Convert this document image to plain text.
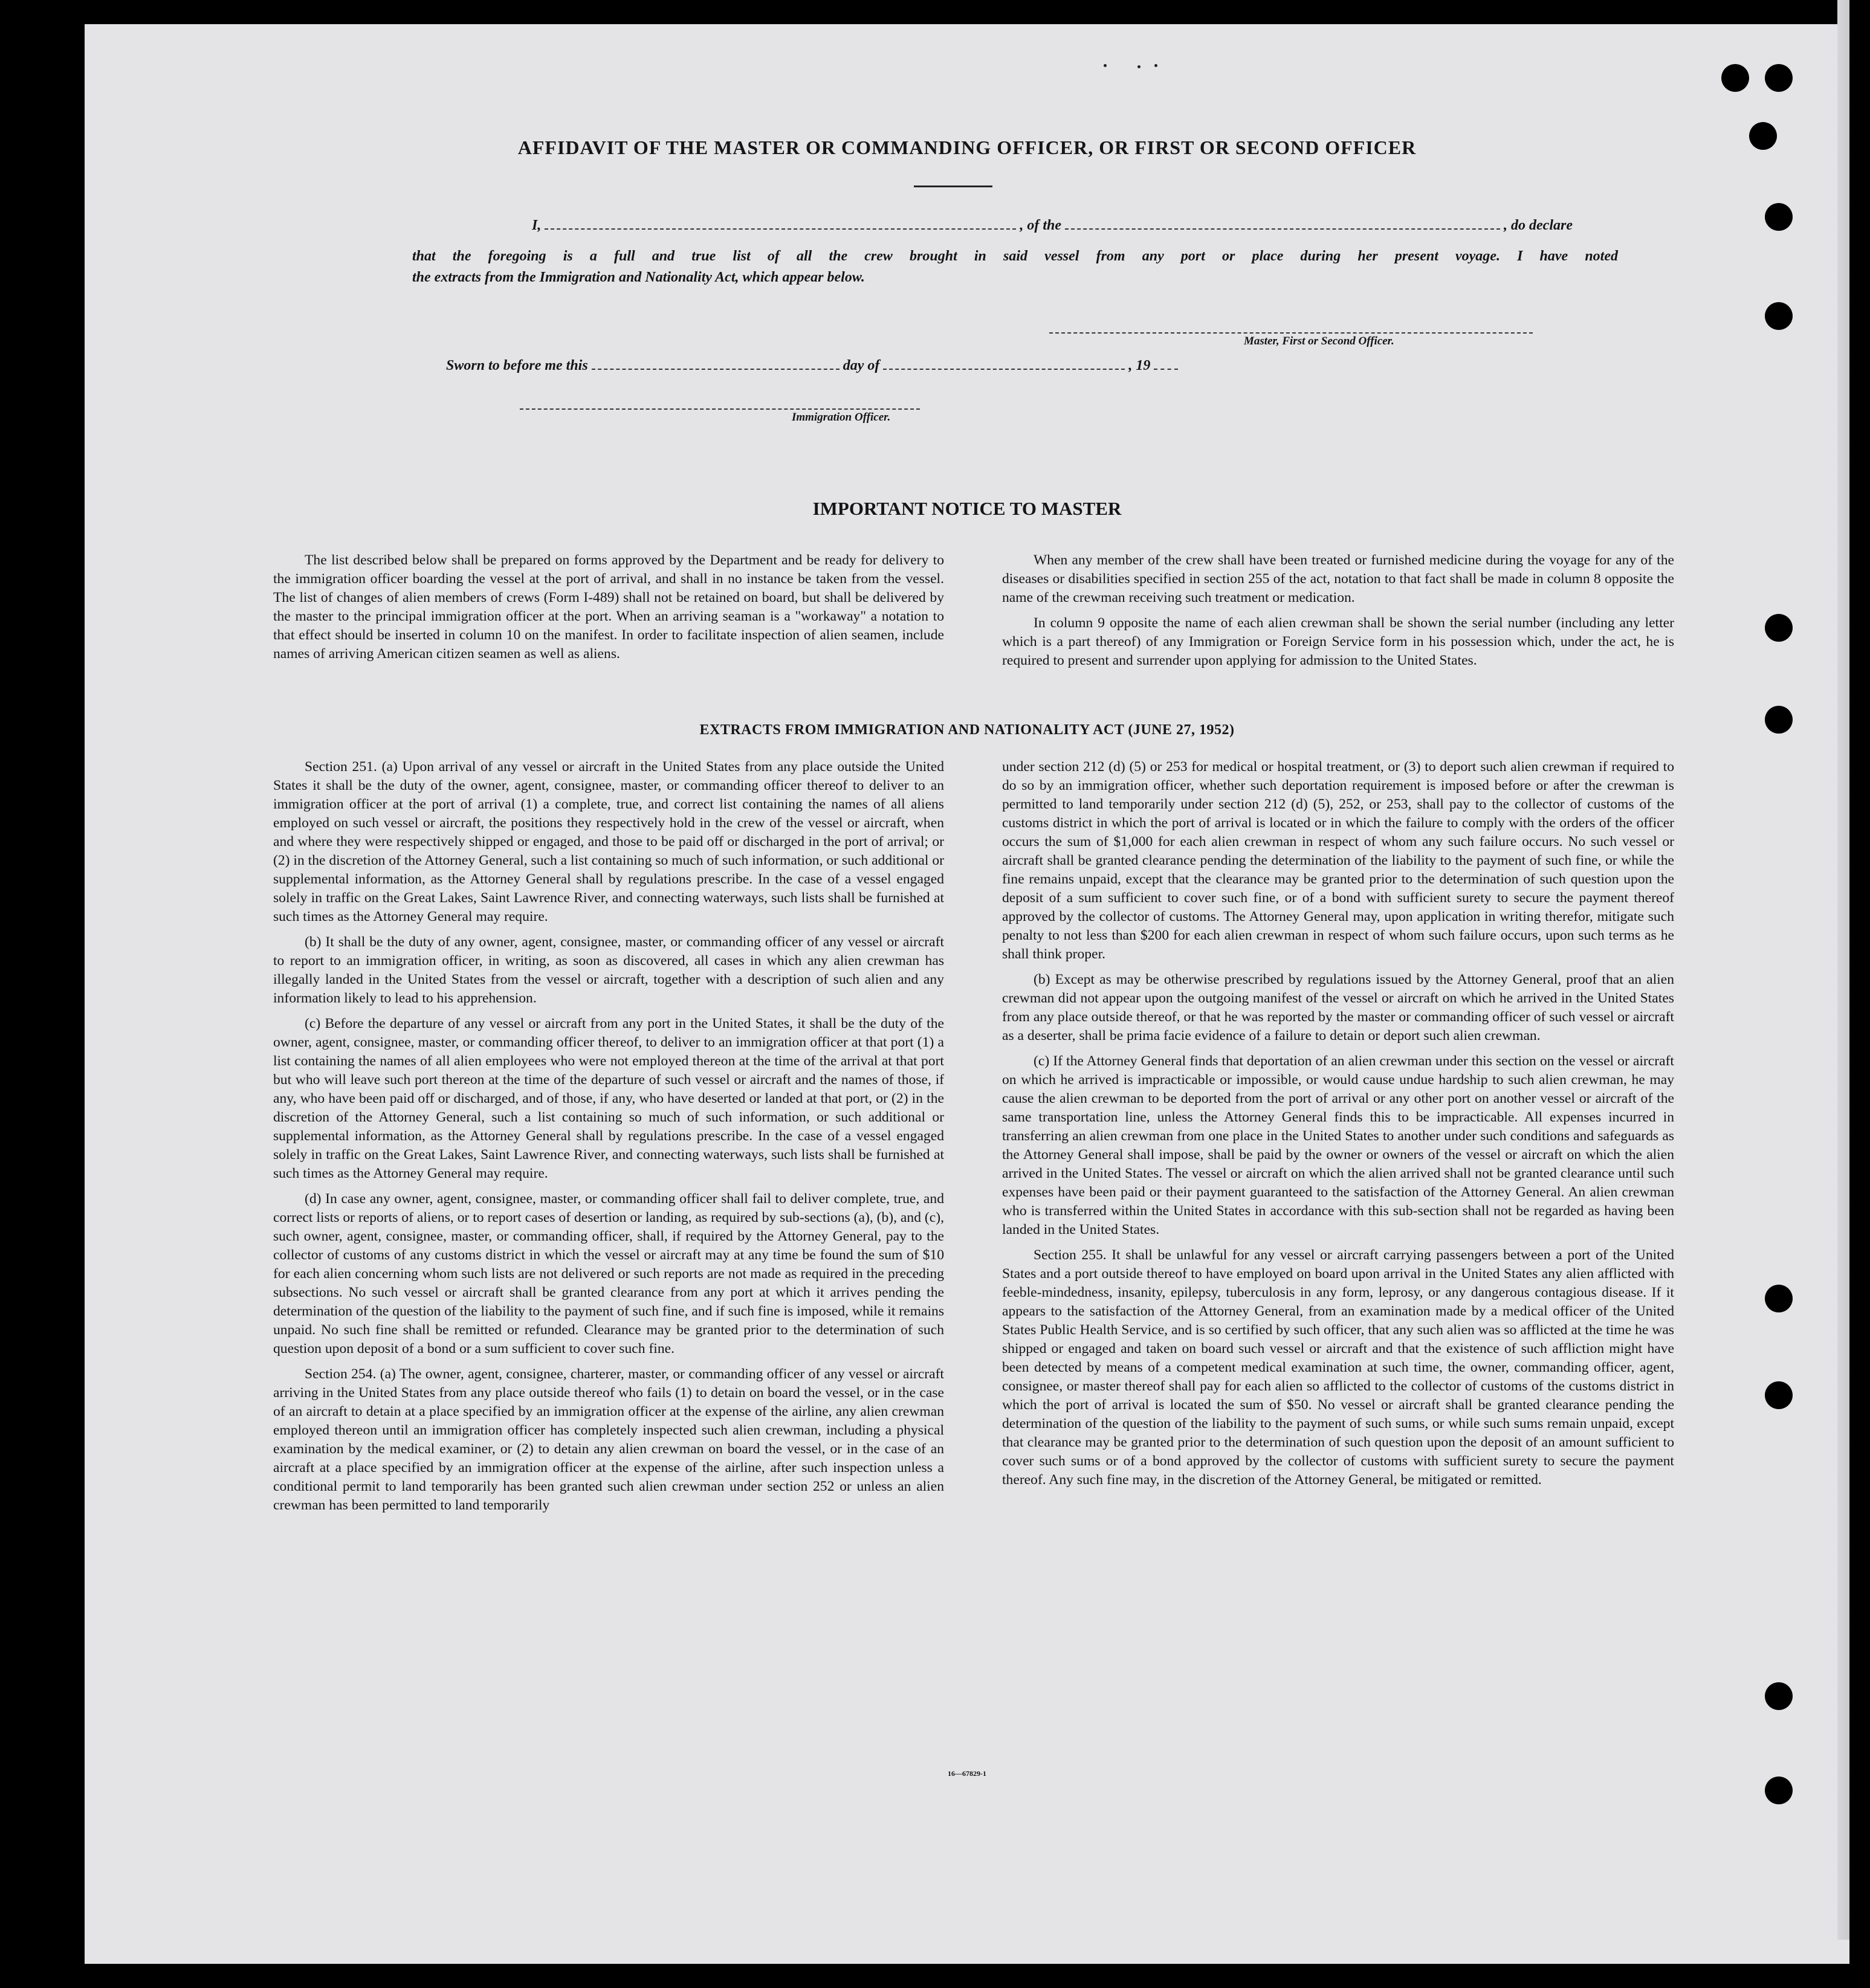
AFFIDAVIT OF THE MASTER OR COMMANDING OFFICER, OR FIRST OR SECOND OFFICER
I,	, of the	, do declare
that the foregoing is a full and true list of all the crew brought in said vessel from any port or place during her present voyage. I have noted
the extracts from the Immigration and Nationality Act, which appear below.
Master, First or Second Officer.
Sworn to before me this	day of	, 19
Immigration Officer.
IMPORTANT NOTICE TO MASTER

The list described below shall be prepared on forms approved by the Department and be ready for delivery to the immigration officer boarding the vessel at the port of arrival, and shall in no instance be taken from the vessel. The list of changes of alien members of crews (Form I-489) shall not be retained on board, but shall be delivered by the master to the principal immigration officer at the port. When an arriving seaman is a "workaway" a notation to that effect should be inserted in column 10 on the manifest. In order to facilitate inspection of alien seamen, include names of arriving American citizen seamen as well as aliens.

When any member of the crew shall have been treated or furnished medicine during the voyage for any of the diseases or disabilities specified in section 255 of the act, notation to that fact shall be made in column 8 opposite the name of the crewman receiving such treatment or medication.

In column 9 opposite the name of each alien crewman shall be shown the serial number (including any letter which is a part thereof) of any Immigration or Foreign Service form in his possession which, under the act, he is required to present and surrender upon applying for admission to the United States.

EXTRACTS FROM IMMIGRATION AND NATIONALITY ACT (JUNE 27, 1952)

Section 251. (a) Upon arrival of any vessel or aircraft in the United States from any place outside the United States it shall be the duty of the owner, agent, consignee, master, or commanding officer thereof to deliver to an immigration officer at the port of arrival (1) a complete, true, and correct list containing the names of all aliens employed on such vessel or aircraft, the positions they respectively hold in the crew of the vessel or aircraft, when and where they were respectively shipped or engaged, and those to be paid off or discharged in the port of arrival; or (2) in the discretion of the Attorney General, such a list containing so much of such information, or such additional or supplemental information, as the Attorney General shall by regulations prescribe. In the case of a vessel engaged solely in traffic on the Great Lakes, Saint Lawrence River, and connecting waterways, such lists shall be furnished at such times as the Attorney General may require.

(b) It shall be the duty of any owner, agent, consignee, master, or commanding officer of any vessel or aircraft to report to an immigration officer, in writing, as soon as discovered, all cases in which any alien crewman has illegally landed in the United States from the vessel or aircraft, together with a description of such alien and any information likely to lead to his apprehension.

(c) Before the departure of any vessel or aircraft from any port in the United States, it shall be the duty of the owner, agent, consignee, master, or commanding officer thereof, to deliver to an immigration officer at that port (1) a list containing the names of all alien employees who were not employed thereon at the time of the arrival at that port but who will leave such port thereon at the time of the departure of such vessel or aircraft and the names of those, if any, who have been paid off or discharged, and of those, if any, who have deserted or landed at that port, or (2) in the discretion of the Attorney General, such a list containing so much of such information, or such additional or supplemental information, as the Attorney General shall by regulations prescribe. In the case of a vessel engaged solely in traffic on the Great Lakes, Saint Lawrence River, and connecting waterways, such lists shall be furnished at such times as the Attorney General may require.

(d) In case any owner, agent, consignee, master, or commanding officer shall fail to deliver complete, true, and correct lists or reports of aliens, or to report cases of desertion or landing, as required by sub-sections (a), (b), and (c), such owner, agent, consignee, master, or commanding officer, shall, if required by the Attorney General, pay to the collector of customs of any customs district in which the vessel or aircraft may at any time be found the sum of $10 for each alien concerning whom such lists are not delivered or such reports are not made as required in the preceding subsections. No such vessel or aircraft shall be granted clearance from any port at which it arrives pending the determination of the question of the liability to the payment of such fine, and if such fine is imposed, while it remains unpaid. No such fine shall be remitted or refunded. Clearance may be granted prior to the determination of such question upon deposit of a bond or a sum sufficient to cover such fine.

Section 254. (a) The owner, agent, consignee, charterer, master, or commanding officer of any vessel or aircraft arriving in the United States from any place outside thereof who fails (1) to detain on board the vessel, or in the case of an aircraft to detain at a place specified by an immigration officer at the expense of the airline, any alien crewman employed thereon until an immigration officer has completely inspected such alien crewman, including a physical examination by the medical examiner, or (2) to detain any alien crewman on board the vessel, or in the case of an aircraft at a place specified by an immigration officer at the expense of the airline, after such inspection unless a conditional permit to land temporarily has been granted such alien crewman under section 252 or unless an alien crewman has been permitted to land temporarily

under section 212 (d) (5) or 253 for medical or hospital treatment, or (3) to deport such alien crewman if required to do so by an immigration officer, whether such deportation requirement is imposed before or after the crewman is permitted to land temporarily under section 212 (d) (5), 252, or 253, shall pay to the collector of customs of the customs district in which the port of arrival is located or in which the failure to comply with the orders of the officer occurs the sum of $1,000 for each alien crewman in respect of whom any such failure occurs. No such vessel or aircraft shall be granted clearance pending the determination of the liability to the payment of such fine, or while the fine remains unpaid, except that the clearance may be granted prior to the determination of such question upon the deposit of a sum sufficient to cover such fine, or of a bond with sufficient surety to secure the payment thereof approved by the collector of customs. The Attorney General may, upon application in writing therefor, mitigate such penalty to not less than $200 for each alien crewman in respect of whom such failure occurs, upon such terms as he shall think proper.

(b) Except as may be otherwise prescribed by regulations issued by the Attorney General, proof that an alien crewman did not appear upon the outgoing manifest of the vessel or aircraft on which he arrived in the United States from any place outside thereof, or that he was reported by the master or commanding officer of such vessel or aircraft as a deserter, shall be prima facie evidence of a failure to detain or deport such alien crewman.

(c) If the Attorney General finds that deportation of an alien crewman under this section on the vessel or aircraft on which he arrived is impracticable or impossible, or would cause undue hardship to such alien crewman, he may cause the alien crewman to be deported from the port of arrival or any other port on another vessel or aircraft of the same transportation line, unless the Attorney General finds this to be impracticable. All expenses incurred in transferring an alien crewman from one place in the United States to another under such conditions and safeguards as the Attorney General shall impose, shall be paid by the owner or owners of the vessel or aircraft on which the alien arrived in the United States. The vessel or aircraft on which the alien arrived shall not be granted clearance until such expenses have been paid or their payment guaranteed to the satisfaction of the Attorney General. An alien crewman who is transferred within the United States in accordance with this sub-section shall not be regarded as having been landed in the United States.

Section 255. It shall be unlawful for any vessel or aircraft carrying passengers between a port of the United States and a port outside thereof to have employed on board upon arrival in the United States any alien afflicted with feeble-mindedness, insanity, epilepsy, tuberculosis in any form, leprosy, or any dangerous contagious disease. If it appears to the satisfaction of the Attorney General, from an examination made by a medical officer of the United States Public Health Service, and is so certified by such officer, that any such alien was so afflicted at the time he was shipped or engaged and taken on board such vessel or aircraft and that the existence of such affliction might have been detected by means of a competent medical examination at such time, the owner, commanding officer, agent, consignee, or master thereof shall pay for each alien so afflicted to the collector of customs of the customs district in which the port of arrival is located the sum of $50. No vessel or aircraft shall be granted clearance pending the determination of the question of the liability to the payment of such sums, or while such sums remain unpaid, except that clearance may be granted prior to the determination of such question upon the deposit of an amount sufficient to cover such sums or of a bond approved by the collector of customs with sufficient surety to secure the payment thereof. Any such fine may, in the discretion of the Attorney General, be mitigated or remitted.

16—67829-1
